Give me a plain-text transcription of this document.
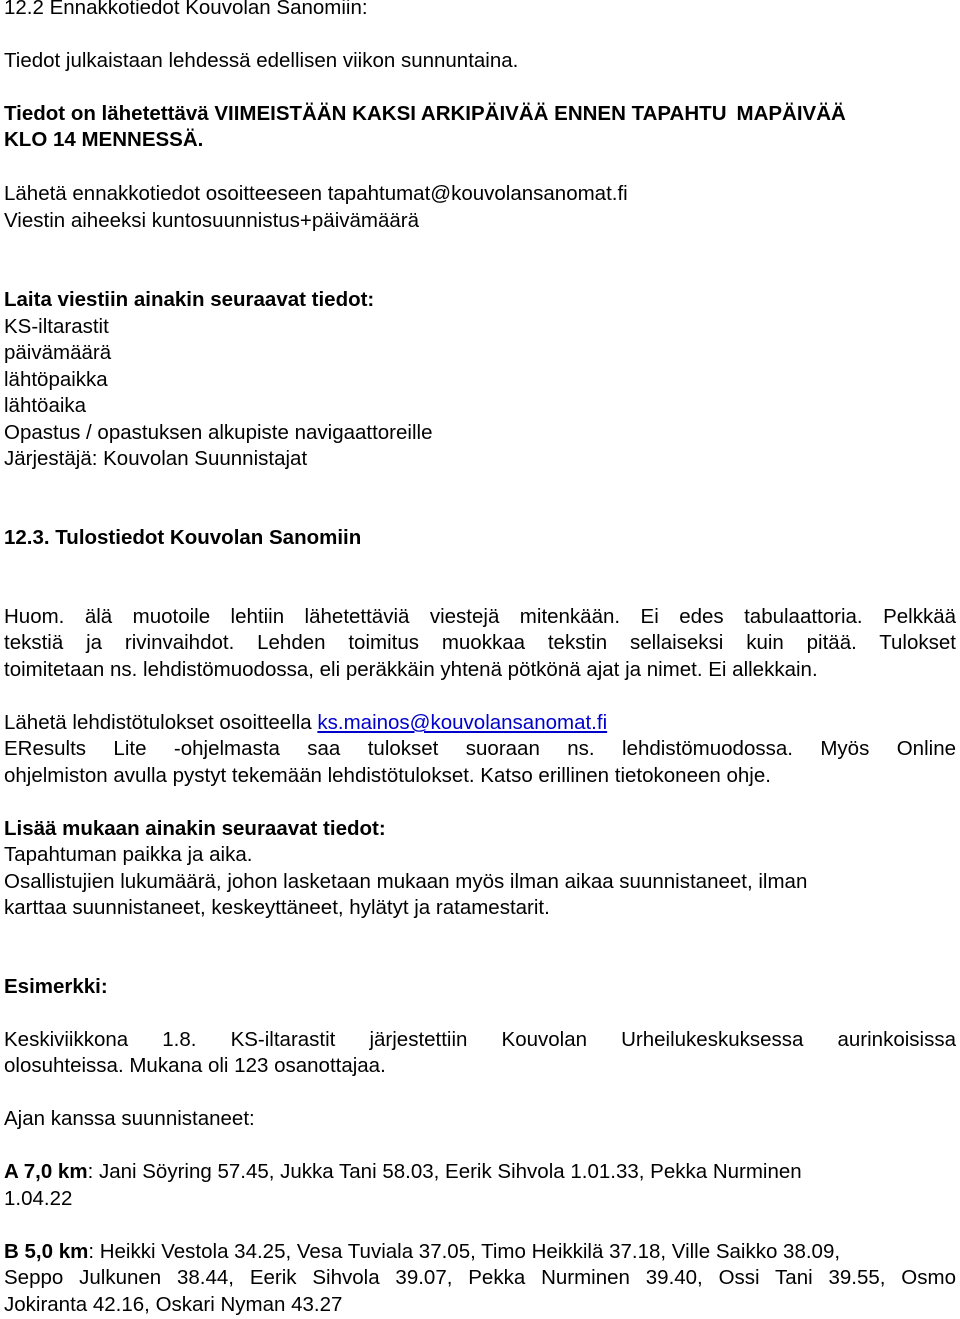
12.2 Ennakkotiedot Kouvolan Sanomiin:
Tiedot julkaistaan lehdessä edellisen viikon sunnuntaina.
Tiedot on lähetettävä VIIMEISTÄÄN KAKSI ARKIPÄIVÄÄ ENNEN TAPAHTU MAPÄIVÄÄ
KLO 14 MENNESSÄ.
Lähetä ennakkotiedot osoitteeseen tapahtumat@kouvolansanomat.fi
Viestin aiheeksi kuntosuunnistus+päivämäärä
Laita viestiin ainakin seuraavat tiedot:
KS-iltarastit
päivämäärä
lähtöpaikka
lähtöaika
Opastus / opastuksen alkupiste navigaattoreille
Järjestäjä: Kouvolan Suunnistajat
12.3. Tulostiedot Kouvolan Sanomiin
Huom. älä muotoile lehtiin lähetettäviä viestejä mitenkään. Ei edes tabulaattoria. Pelkkää
tekstiä ja rivinvaihdot. Lehden toimitus muokkaa tekstin sellaiseksi kuin pitää. Tulokset
toimitetaan ns. lehdistömuodossa, eli peräkkäin yhtenä pötkönä ajat ja nimet. Ei allekkain.
Lähetä lehdistötulokset osoitteella ks.mainos@kouvolansanomat.fi
EResults Lite -ohjelmasta saa tulokset suoraan ns. lehdistömuodossa. Myös Online
ohjelmiston avulla pystyt tekemään lehdistötulokset. Katso erillinen tietokoneen ohje.
Lisää mukaan ainakin seuraavat tiedot:
Tapahtuman paikka ja aika.
Osallistujien lukumäärä, johon lasketaan mukaan myös ilman aikaa suunnistaneet, ilman
karttaa suunnistaneet, keskeyttäneet, hylätyt ja ratamestarit.
Esimerkki:
Keskiviikkona 1.8. KS-iltarastit järjestettiin Kouvolan Urheilukeskuksessa aurinkoisissa
olosuhteissa. Mukana oli 123 osanottajaa.
Ajan kanssa suunnistaneet:
A 7,0 km: Jani Söyring 57.45, Jukka Tani 58.03, Eerik Sihvola 1.01.33, Pekka Nurminen
1.04.22
B 5,0 km: Heikki Vestola 34.25, Vesa Tuviala 37.05, Timo Heikkilä 37.18, Ville Saikko 38.09,
Seppo Julkunen 38.44, Eerik Sihvola 39.07, Pekka Nurminen 39.40, Ossi Tani 39.55, Osmo
Jokiranta 42.16, Oskari Nyman 43.27
